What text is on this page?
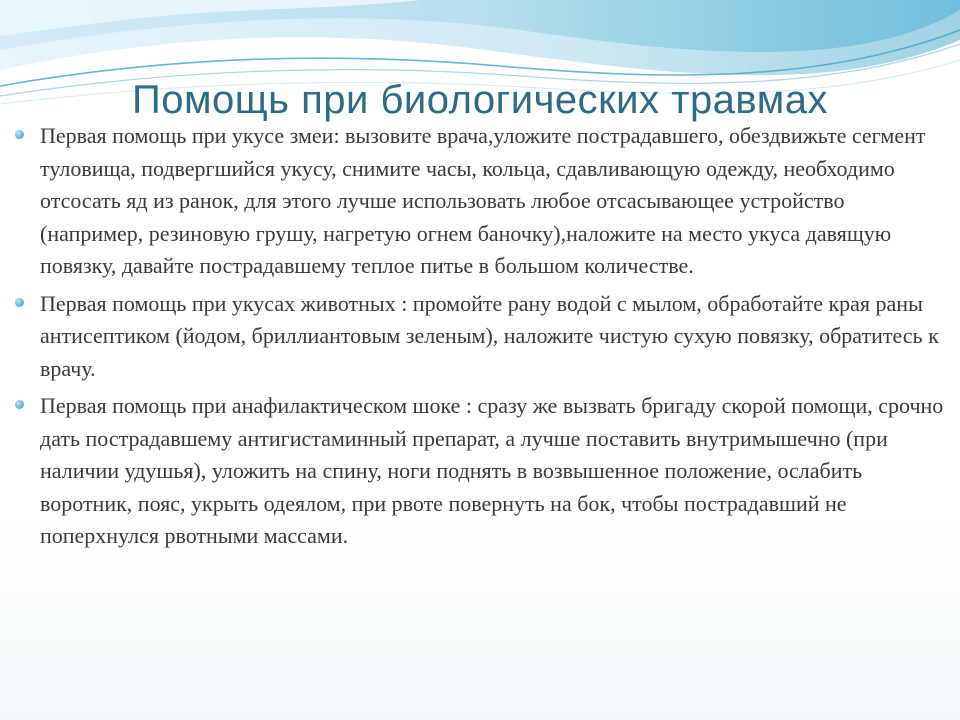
Помощь при биологических травмах
Первая помощь при укусе змеи: вызовите врача,уложите пострадавшего, обездвижьте сегмент туловища, подвергшийся укусу, снимите часы, кольца, сдавливающую одежду, необходимо отсосать яд из ранок, для этого лучше использовать любое отсасывающее устройство (например, резиновую грушу, нагретую огнем баночку),наложите на место укуса давящую повязку, давайте пострадавшему теплое питье в большом количестве.
Первая помощь при укусах животных : промойте рану водой с мылом, обработайте края раны антисептиком (йодом, бриллиантовым зеленым), наложите чистую сухую повязку, обратитесь к врачу.
Первая помощь при анафилактическом шоке : сразу же вызвать бригаду скорой помощи, срочно дать пострадавшему антигистаминный препарат, а лучше поставить внутримышечно (при наличии удушья), уложить на спину, ноги поднять в возвышенное положение, ослабить воротник, пояс, укрыть одеялом, при рвоте повернуть на бок, чтобы пострадавший не поперхнулся рвотными массами.
